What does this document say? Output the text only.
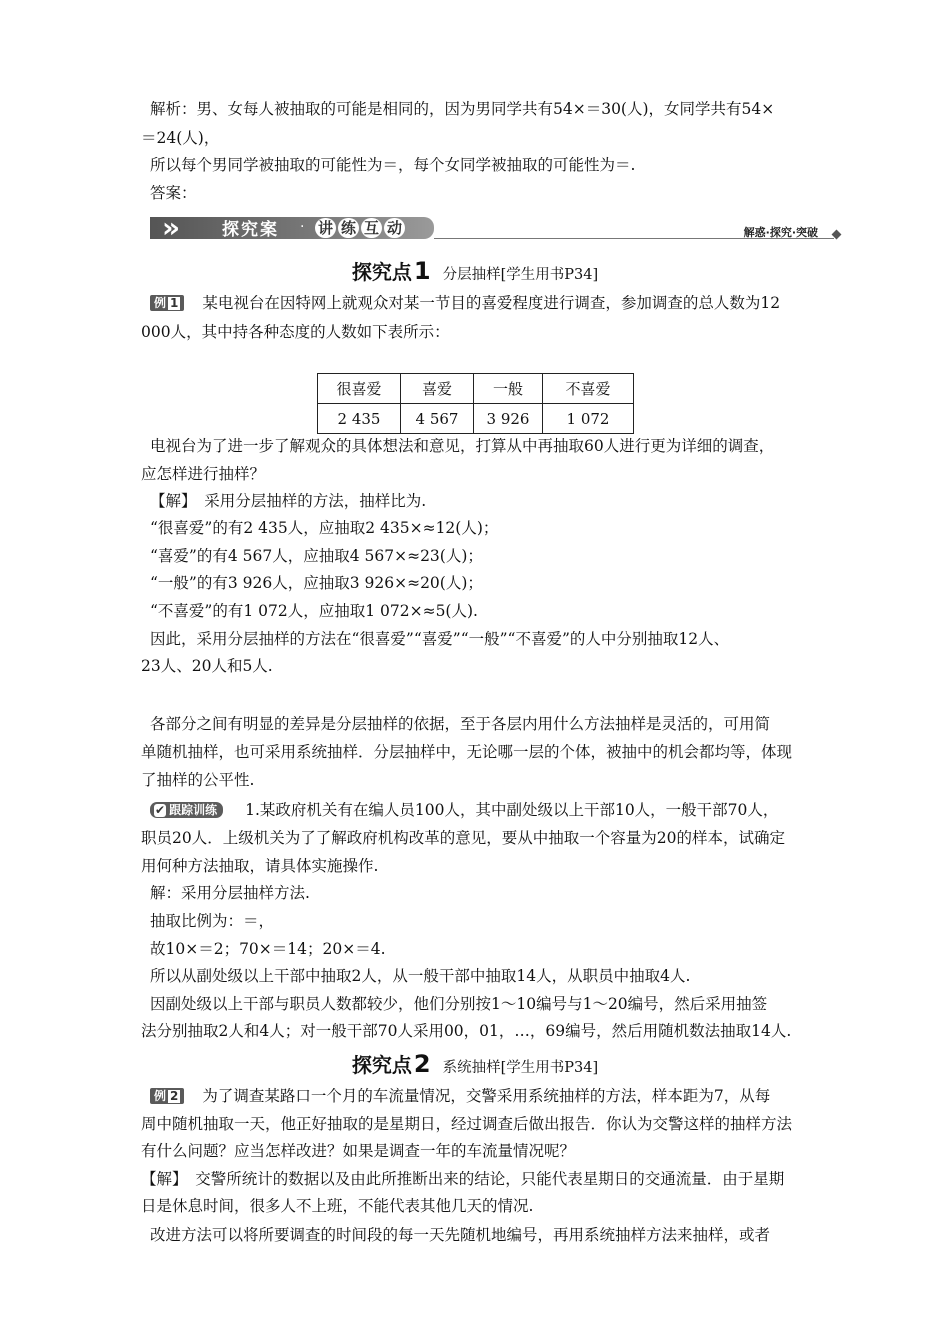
解析：男、女每人被抽取的可能是相同的，因为男同学共有54×＝30(人)，女同学共有54×
＝24(人)，
所以每个男同学被抽取的可能性为＝，每个女同学被抽取的可能性为＝.
答案：
» 探究案 · 讲 练 互 动	解惑·探究·突破
探究点1 分层抽样[学生用书P34]
例 1 某电视台在因特网上就观众对某一节目的喜爱程度进行调查，参加调查的总人数为12
000人，其中持各种态度的人数如下表所示：
很喜爱	喜爱	一般	不喜爱
2 435	4 567	3 926	1 072
电视台为了进一步了解观众的具体想法和意见，打算从中再抽取60人进行更为详细的调查，
应怎样进行抽样？
【解】　采用分层抽样的方法，抽样比为.
“很喜爱”的有2 435人，应抽取2 435×≈12(人)；
“喜爱”的有4 567人，应抽取4 567×≈23(人)；
“一般”的有3 926人，应抽取3 926×≈20(人)；
“不喜爱”的有1 072人，应抽取1 072×≈5(人).
因此，采用分层抽样的方法在“很喜爱”“喜爱”“一般”“不喜爱”的人中分别抽取12人、
23人、20人和5人.
各部分之间有明显的差异是分层抽样的依据，至于各层内用什么方法抽样是灵活的，可用简
单随机抽样，也可采用系统抽样．分层抽样中，无论哪一层的个体，被抽中的机会都均等，体现
了抽样的公平性.
✔ 跟踪训练 1.某政府机关有在编人员100人，其中副处级以上干部10人，一般干部70人，
职员20人．上级机关为了了解政府机构改革的意见，要从中抽取一个容量为20的样本，试确定
用何种方法抽取，请具体实施操作.
解：采用分层抽样方法.
抽取比例为：＝，
故10×＝2；70×＝14；20×＝4.
所以从副处级以上干部中抽取2人，从一般干部中抽取14人，从职员中抽取4人.
因副处级以上干部与职员人数都较少，他们分别按1～10编号与1～20编号，然后采用抽签
法分别抽取2人和4人；对一般干部70人采用00，01，…，69编号，然后用随机数法抽取14人.
探究点2 系统抽样[学生用书P34]
例 2 为了调查某路口一个月的车流量情况，交警采用系统抽样的方法，样本距为7，从每
周中随机抽取一天，他正好抽取的是星期日，经过调查后做出报告．你认为交警这样的抽样方法
有什么问题？应当怎样改进？如果是调查一年的车流量情况呢？
【解】　交警所统计的数据以及由此所推断出来的结论，只能代表星期日的交通流量．由于星期
日是休息时间，很多人不上班，不能代表其他几天的情况.
改进方法可以将所要调查的时间段的每一天先随机地编号，再用系统抽样方法来抽样，或者
